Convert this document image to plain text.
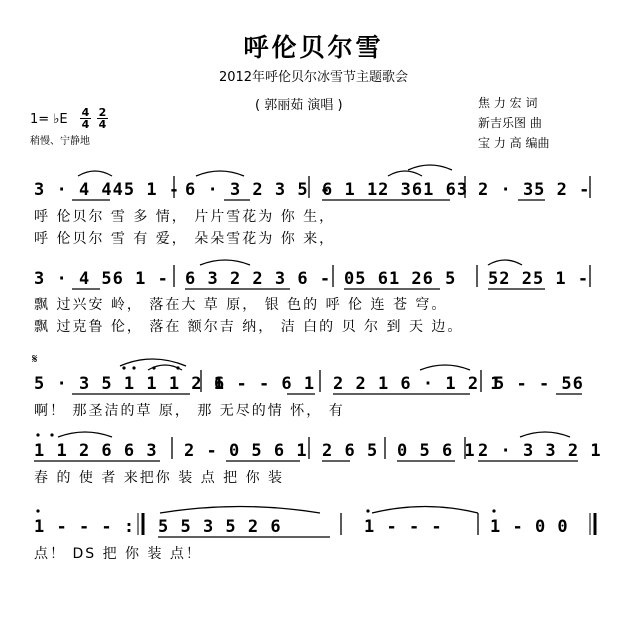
呼伦贝尔雪
2012年呼伦贝尔冰雪节主题歌会
( 郭丽茹 演唱 )	焦 力 宏 词
新吉乐图 曲
宝 力 高 编曲
1= ♭E 4
4
2
4
稍慢、宁静地
3 · 4 445 1 - 6 · 3 2 3 5 -
6 1 12 361 63 2 · 35 2 -
呼 伦贝尔 雪 多 情， 片片雪花为 你 生，
呼 伦贝尔 雪 有 爱， 朵朵雪花为 你 来，
3 · 4 56 1 - 6 3 2 2 3 6 - 05 61 26 5 52 25 1 -
飘 过兴安 岭， 落在大 草 原， 银 色的 呼 伦 连 苍 穹。
飘 过克鲁 伦， 落在 额尔吉 纳， 洁 白的 贝 尔 到 天 边。
𝄋
5 · 3 5 1 1 1 2 1
6 - - 6 1 2 2 1 6 · 1 2 1
5 - - 56
啊！ 那圣洁的草 原， 那 无尽的情 怀， 有
1 1 2 6 6 3 2 - 0 5 6 1 2 6 5 0 5 6 1 2 · 3 3 2 1
春 的 使 者 来把你 装 点 把 你 装
1 - - - : 5 5 3 5 2 6	1 - - -	1 - 0 0
点！ DS 把 你 装 点！
